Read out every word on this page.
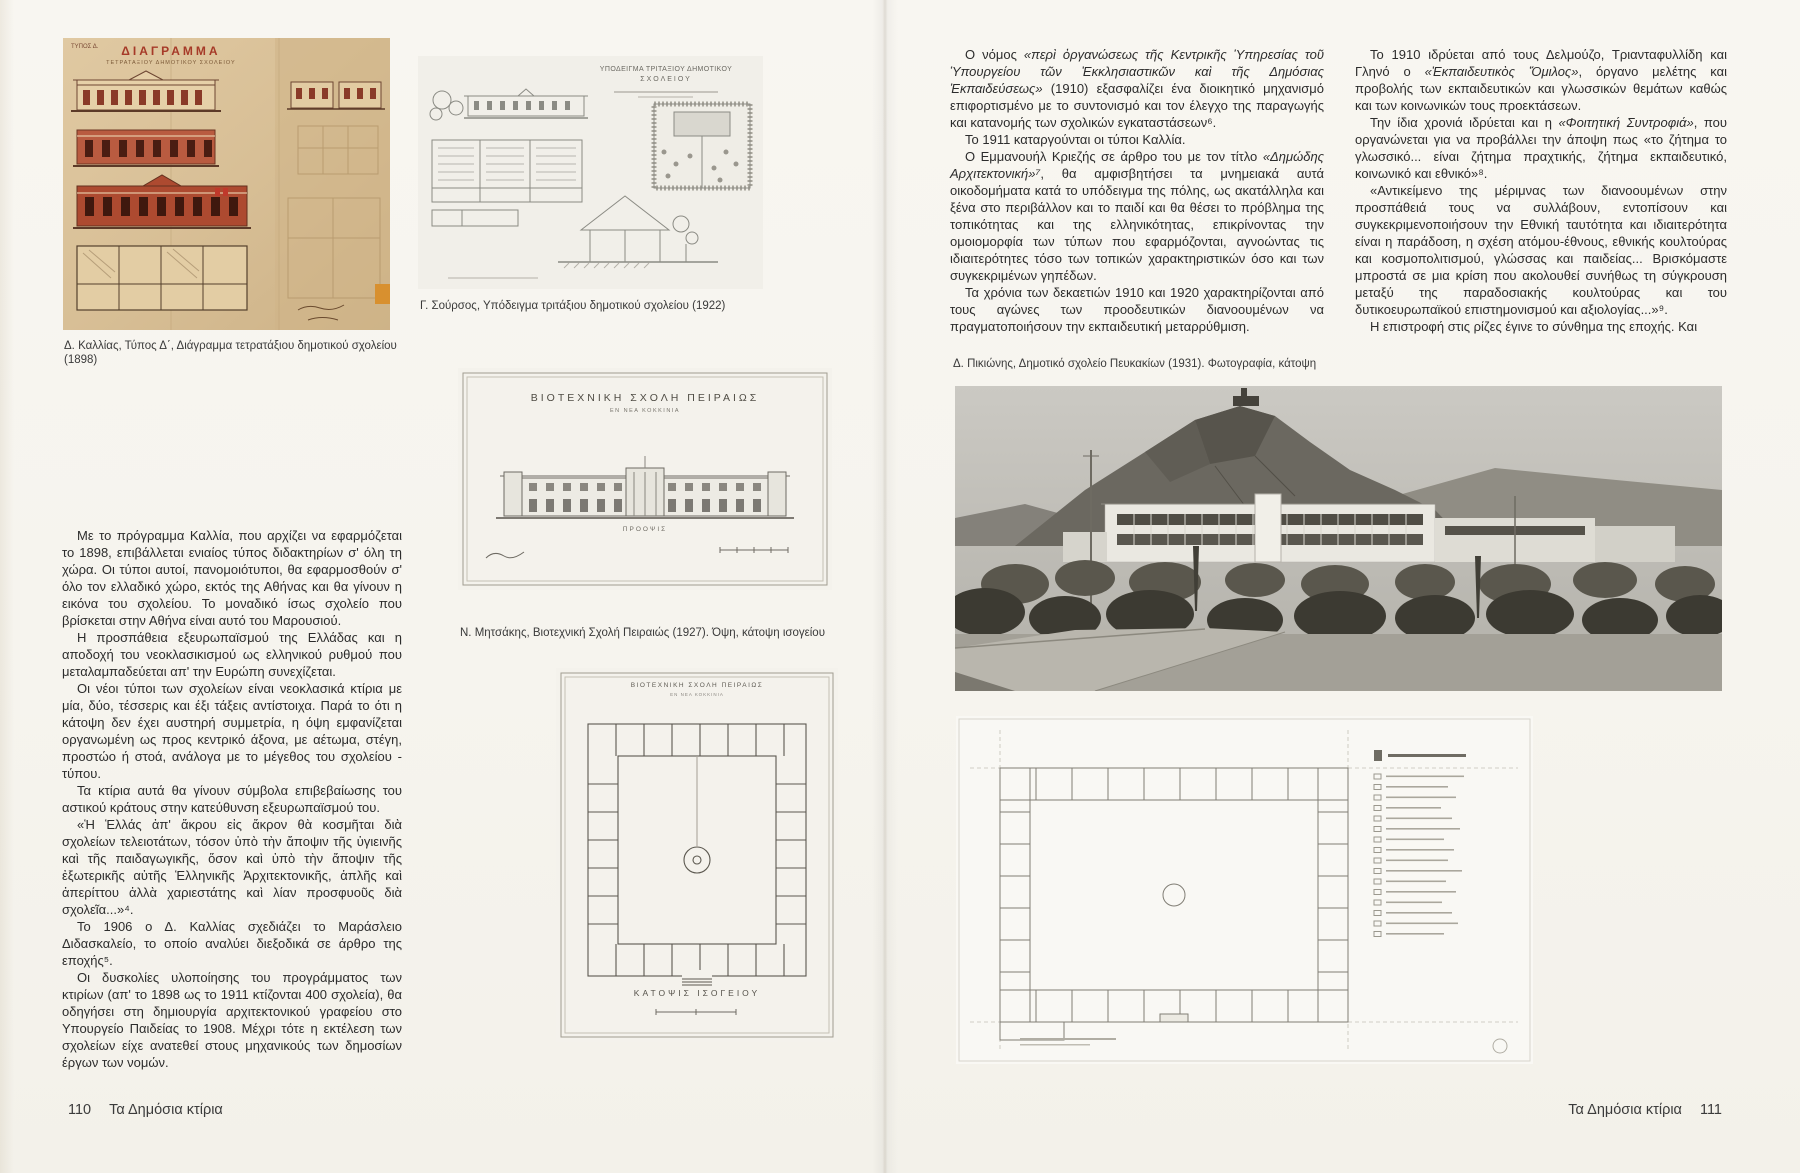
ΤΥΠΟΣ Δ.	ΔΙΑΓΡΑΜΜΑ
ΤΕΤΡΑΤΑΞΙΟΥ ΔΗΜΟΤΙΚΟΥ ΣΧΟΛΕΙΟΥ
Δ. Καλλίας, Τύπος Δ΄, Διάγραμμα τετρατάξιου δημοτικού σχολείου (1898)
ΥΠΟΔΕΙΓΜΑ ΤΡΙΤΑΞΙΟΥ ΔΗΜΟΤΙΚΟΥ
ΣΧΟΛΕΙΟΥ
Γ. Σούρσος, Υπόδειγμα τριτάξιου δημοτικού σχολείου (1922)
ΒΙΟΤΕΧΝΙΚΗ ΣΧΟΛΗ ΠΕΙΡΑΙΩΣ
ΕΝ ΝΕΑ ΚΟΚΚΙΝΙΑ
ΠΡΟΟΨΙΣ
Ν. Μητσάκης, Βιοτεχνική Σχολή Πειραιώς (1927). Όψη, κάτοψη ισογείου
ΒΙΟΤΕΧΝΙΚΗ ΣΧΟΛΗ ΠΕΙΡΑΙΩΣ
ΕΝ ΝΕΑ ΚΟΚΚΙΝΙΑ
ΚΑΤΟΨΙΣ ΙΣΟΓΕΙΟΥ

Με το πρόγραμμα Καλλία, που αρχίζει να εφαρμόζεται το 1898, επιβάλλεται ενιαίος τύπος διδακτηρίων σ' όλη τη χώρα. Οι τύποι αυτοί, πανομοιότυποι, θα εφαρμοσθούν σ' όλο τον ελλαδικό χώρο, εκτός της Αθήνας και θα γίνουν η εικόνα του σχολείου. Το μοναδικό ίσως σχολείο που βρίσκεται στην Αθήνα είναι αυτό του Μαρουσιού.

Η προσπάθεια εξευρωπαϊσμού της Ελλάδας και η αποδοχή του νεοκλασικισμού ως ελληνικού ρυθμού που μεταλαμπαδεύεται απ' την Ευρώπη συνεχίζεται.

Οι νέοι τύποι των σχολείων είναι νεοκλασικά κτίρια με μία, δύο, τέσσερις και έξι τάξεις αντίστοιχα. Παρά το ότι η κάτοψη δεν έχει αυστηρή συμμετρία, η όψη εμφανίζεται οργανωμένη ως προς κεντρικό άξονα, με αέτωμα, στέγη, προστώο ή στοά, ανάλογα με το μέγεθος του σχολείου - τύπου.

Τα κτίρια αυτά θα γίνουν σύμβολα επιβεβαίωσης του αστικού κράτους στην κατεύθυνση εξευρωπαϊσμού του.

«Ἡ Ἑλλάς ἀπ' ἄκρου εἰς ἄκρον θὰ κοσμῆται διὰ σχολείων τελειοτάτων, τόσον ὑπὸ τὴν ἄποψιν τῆς ὑγιεινῆς καὶ τῆς παιδαγωγικῆς, ὅσον καὶ ὑπὸ τὴν ἄποψιν τῆς ἐξωτερικῆς αὐτῆς Ἑλληνικῆς Ἀρχιτεκτονικῆς, ἁπλῆς καὶ ἀπερίττου ἀλλὰ χαριεστάτης καὶ λίαν προσφυοῦς διὰ σχολεῖα...»⁴.

Το 1906 ο Δ. Καλλίας σχεδιάζει το Μαράσλειο Διδασκαλείο, το οποίο αναλύει διεξοδικά σε άρθρο της εποχής⁵.

Οι δυσκολίες υλοποίησης του προγράμματος των κτιρίων (απ' το 1898 ως το 1911 κτίζονται 400 σχολεία), θα οδηγήσει στη δημιουργία αρχιτεκτονικού γραφείου στο Υπουργείο Παιδείας το 1908. Μέχρι τότε η εκτέλεση των σχολείων είχε ανατεθεί στους μηχανικούς των δημοσίων έργων των νομών.

110 Τα Δημόσια κτίρια

Ο νόμος «περὶ ὀργανώσεως τῆς Κεντρικῆς Ὑπηρεσίας τοῦ Ὑπουργείου τῶν Ἐκκλησιαστικῶν καὶ τῆς Δημόσιας Ἐκπαιδεύσεως» (1910) εξασφαλίζει ένα διοικητικό μηχανισμό επιφορτισμένο με το συντονισμό και τον έλεγχο της παραγωγής και κατανομής των σχολικών εγκαταστάσεων⁶.

Το 1911 καταργούνται οι τύποι Καλλία.

Ο Εμμανουήλ Κριεζής σε άρθρο του με τον τίτλο «Δημώδης Αρχιτεκτονική»⁷, θα αμφισβητήσει τα μνημειακά αυτά οικοδομήματα κατά το υπόδειγμα της πόλης, ως ακατάλληλα και ξένα στο περιβάλλον και το παιδί και θα θέσει το πρόβλημα της τοπικότητας και της ελληνικότητας, επικρίνοντας την ομοιομορφία των τύπων που εφαρμόζονται, αγνοώντας τις ιδιαιτερότητες τόσο των τοπικών χαρακτηριστικών όσο και των συγκεκριμένων γηπέδων.

Τα χρόνια των δεκαετιών 1910 και 1920 χαρακτηρίζονται από τους αγώνες των προοδευτικών διανοουμένων να πραγματοποιήσουν την εκπαιδευτική μεταρρύθμιση.

Το 1910 ιδρύεται από τους Δελμούζο, Τριανταφυλλίδη και Γληνό ο «Ἐκπαιδευτικὸς Ὅμιλος», όργανο μελέτης και προβολής των εκπαιδευτικών και γλωσσικών θεμάτων καθώς και των κοινωνικών τους προεκτάσεων.

Την ίδια χρονιά ιδρύεται και η «Φοιτητική Συντροφιά», που οργανώνεται για να προβάλλει την άποψη πως «το ζήτημα το γλωσσικό... είναι ζήτημα πραχτικής, ζήτημα εκπαιδευτικό, κοινωνικό και εθνικό»⁸.

«Αντικείμενο της μέριμνας των διανοουμένων στην προσπάθειά τους να συλλάβουν, εντοπίσουν και συγκεκριμενοποιήσουν την Εθνική ταυτότητα και ιδιαιτερότητα είναι η παράδοση, η σχέση ατόμου-έθνους, εθνικής κουλτούρας και κοσμοπολιτισμού, γλώσσας και παιδείας... Βρισκόμαστε μπροστά σε μια κρίση που ακολουθεί συνήθως τη σύγκρουση μεταξύ της παραδοσιακής κουλτούρας και του δυτικοευρωπαϊκού επιστημονισμού και αξιολογίας...»⁹.

Η επιστροφή στις ρίζες έγινε το σύνθημα της εποχής. Και

Δ. Πικιώνης, Δημοτικό σχολείο Πευκακίων (1931). Φωτογραφία, κάτοψη
Τα Δημόσια κτίρια 111
